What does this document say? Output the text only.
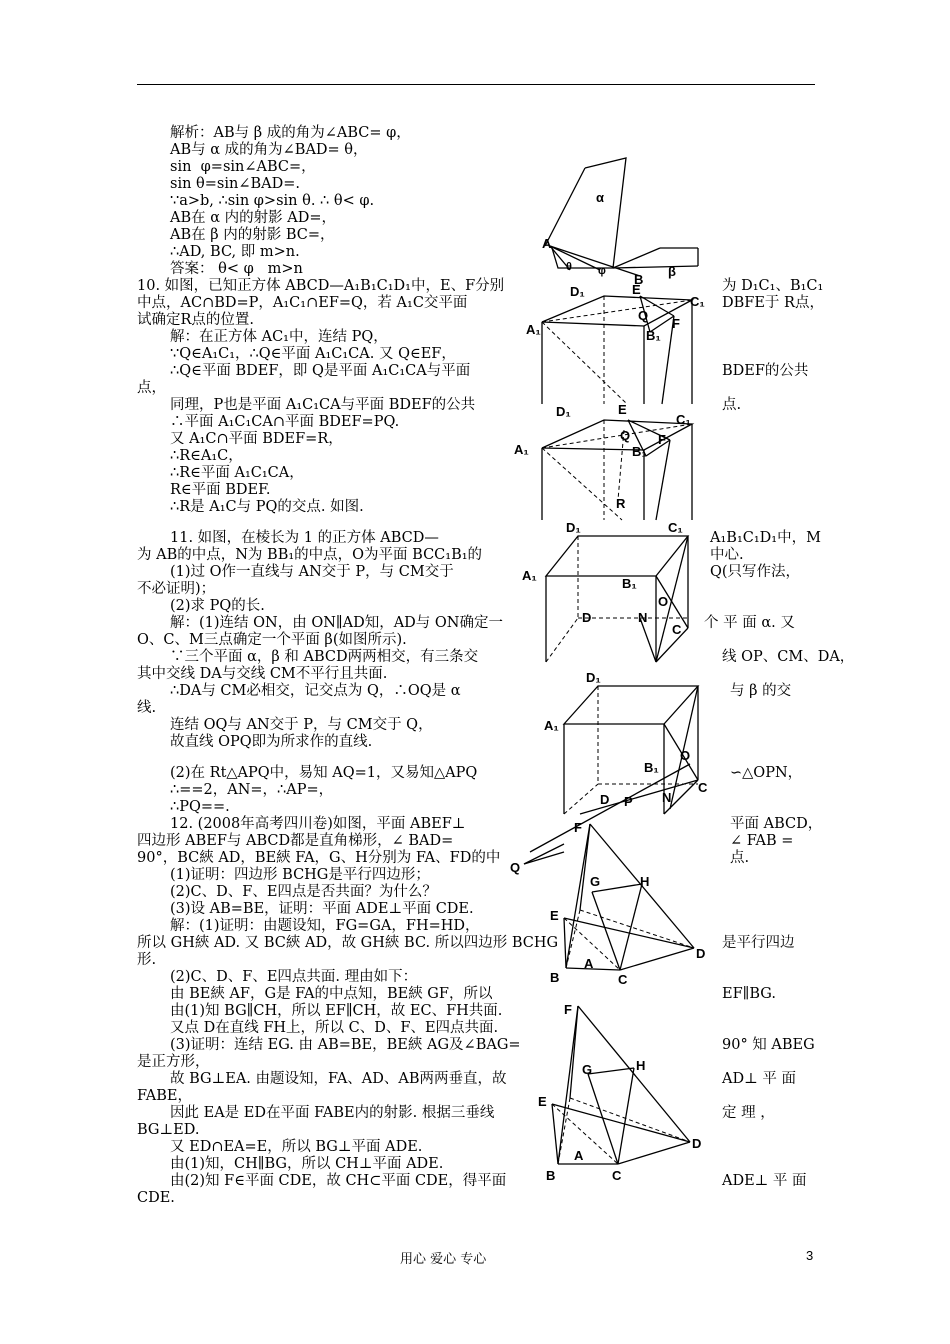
解析：AB与 β 成的角为∠ABC= φ，
AB与 α 成的角为∠BAD= θ，
sin  φ=sin∠ABC=，
sin θ=sin∠BAD=.
∵a>b, ∴sin φ>sin θ. ∴ θ< φ.
AB在 α 内的射影 AD=，
AB在 β 内的射影 BC=，
∴AD, BC, 即 m>n.
答案： θ< φ   m>n
10. 如图，已知正方体 ABCD—A₁B₁C₁D₁中，E、F分别
中点，AC∩BD=P，A₁C₁∩EF=Q，若 A₁C交平面
试确定R点的位置.
解：在正方体 AC₁中，连结 PQ，
∵Q∈A₁C₁，∴Q∈平面 A₁C₁CA. 又 Q∈EF，
∴Q∈平面 BDEF，即 Q是平面 A₁C₁CA与平面
点，
同理，P也是平面 A₁C₁CA与平面 BDEF的公共
∴平面 A₁C₁CA∩平面 BDEF=PQ.
又 A₁C∩平面 BDEF=R，
∴R∈A₁C，
∴R∈平面 A₁C₁CA，
R∈平面 BDEF.
∴R是 A₁C与 PQ的交点. 如图.
11. 如图，在棱长为 1 的正方体 ABCD—
为 AB的中点，N为 BB₁的中点，O为平面 BCC₁B₁的
(1)过 O作一直线与 AN交于 P，与 CM交于
不必证明)；
(2)求 PQ的长.
解：(1)连结 ON，由 ON∥AD知，AD与 ON确定一
O、C、M三点确定一个平面 β(如图所示).
∵三个平面 α，β 和 ABCD两两相交，有三条交
其中交线 DA与交线 CM不平行且共面.
∴DA与 CM必相交，记交点为 Q，∴OQ是 α
线.
连结 OQ与 AN交于 P，与 CM交于 Q，
故直线 OPQ即为所求作的直线.
(2)在 Rt△APQ中，易知 AQ=1，又易知△APQ
∴==2，AN=，∴AP=，
∴PQ==.
12. (2008年高考四川卷)如图，平面 ABEF⊥
四边形 ABEF与 ABCD都是直角梯形，∠ BAD=
90°，BC綊 AD，BE綊 FA，G、H分别为 FA、FD的中
(1)证明：四边形 BCHG是平行四边形；
(2)C、D、F、E四点是否共面？为什么？
(3)设 AB=BE，证明：平面 ADE⊥平面 CDE.
解：(1)证明：由题设知，FG=GA，FH=HD，
所以 GH綊 AD. 又 BC綊 AD，故 GH綊 BC. 所以四边形 BCHG
形.
(2)C、D、F、E四点共面. 理由如下：
由 BE綊 AF，G是 FA的中点知，BE綊 GF，所以
由(1)知 BG∥CH，所以 EF∥CH，故 EC、FH共面.
又点 D在直线 FH上，所以 C、D、F、E四点共面.
(3)证明：连结 EG. 由 AB=BE，BE綊 AG及∠BAG=
是正方形，
故 BG⊥EA. 由题设知，FA、AD、AB两两垂直，故
FABE，
因此 EA是 ED在平面 FABE内的射影. 根据三垂线
BG⊥ED.
又 ED∩EA=E，所以 BG⊥平面 ADE.
由(1)知，CH∥BG，所以 CH⊥平面 ADE.
由(2)知 F∈平面 CDE，故 CH⊂平面 CDE，得平面
CDE.
为 D₁C₁、B₁C₁
DBFE于 R点，
BDEF的公共
点.
A₁B₁C₁D₁中，M
中心.
Q(只写作法，
个 平 面 α. 又
线 OP、CM、DA，
与 β 的交
∽△OPN，
平面 ABCD，
∠ FAB =
点.
是平行四边
EF∥BG.
90° 知 ABEG
AD⊥ 平 面
定 理 ，
ADE⊥ 平 面
α
β
A
B
θ φ
D₁	E
C₁
A₁
Q
B₁
F
D₁	E
C₁
A₁
Q
B₁
F
R
D₁	C₁
A₁
B₁
O
D	N
C
D₁
A₁
B₁
O
D	N
C
P
Q
F
G	H
E
A
D
B	C
F
G	H
E
A
D
B	C
用心 爱心 专心	3
